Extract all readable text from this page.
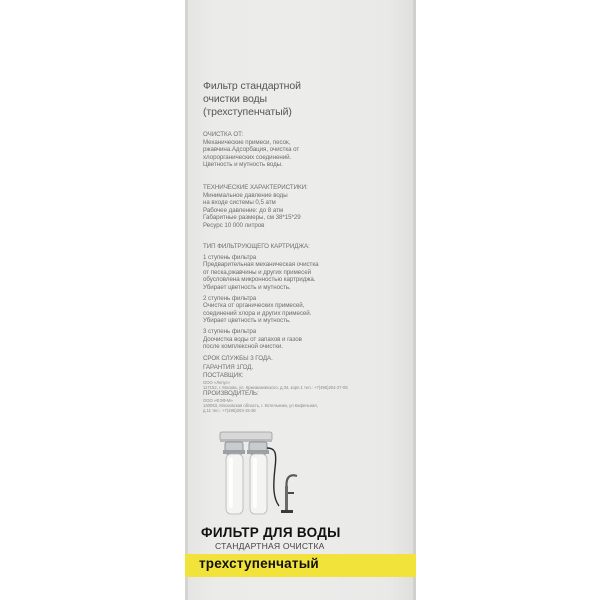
Фильтр стандартной
очистки воды
(трехступенчатый)
ОЧИСТКА ОТ:
Механические примеси, песок,
ржавчина.Адсорбация, очистка от
хлорорганических соединений.
Цветность и мутность воды.
ТЕХНИЧЕСКИЕ ХАРАКТЕРИСТИКИ:
Минимальное давление воды
на входе системы 0,5 атм
Рабочее давление: до 8 атм
Габаритные размеры, см 38*15*29
Ресурс 10 000 литров
ТИП ФИЛЬТРУЮЩЕГО КАРТРИДЖА:
1 ступень фильтра
Предварительная механическая очистка
от песка,ржавчины и других примесей
обусловлена микронностью картриджа.
Убирает цветность и мутность.
2 ступень фильтра
Очистка от органических примесей,
соединений хлора и других примесей.
Убирает цветность и мутность.
3 ступень фильтра
Доочистка воды от запахов и газов
после комплексной очистки.
СРОК СЛУЖБЫ 3 ГОДА.
ГАРАНТИЯ 1ГОД.
ПОСТАВЩИК:
ООО «Лепус»
117152, г. Москва, ул. Кржижановского, д.34, корп.1 тел.: +7(495)204-27-06
ПРОИЗВОДИТЕЛЬ:
ООО «ФЭФ-М»
140053, Московская область, г. Котельники, ул.Кафельная,
д.11 тел.: +7(495)203-15-36
ФИЛЬТР ДЛЯ ВОДЫ
СТАНДАРТНАЯ ОЧИСТКА
трехступенчатый
